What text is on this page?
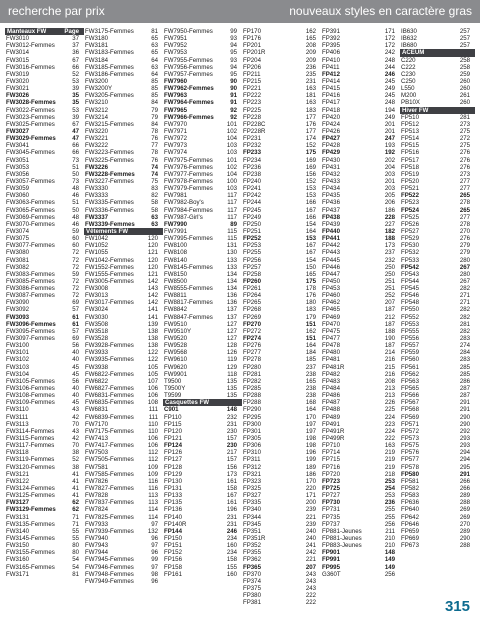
recherche par prix	nouveaux styles en caractère gras
Manteaux FW	Page
FW3010	37
FW3012-Femmes	37
FW3014	36
FW3015	67
FW3016-Femmes	66
FW3019	52
FW3020	53
FW3021	39
FW3026	35
FW3028-Femmes	35
FW3022-Femmes	53
FW3023-Femmes	39
FW3025-Femmes	67
FW3027	47
FW3029-Femmes	47
FW3041	66
FW3045-Femmes	66
FW3051	73
FW3053	51
FW3056	50
FW3057-Femmes	73
FW3059	48
FW3060	46
FW3063-Femmes	51
FW3065-Femmes	50
FW3069-Femmes	48
FW3070-Femmes	46
FW3074	59
FW3075	60
FW3077-Femmes	60
FW3080	72
FW3081	72
FW3082	72
FW3083-Femmes	59
FW3085-Femmes	72
FW3086-Femmes	72
FW3087-Femmes	72
FW3090	69
FW3092	57
FW3093	61
FW3096-Femmes	61
FW3095-Femmes	57
FW3097-Femmes	69
FW3100	56
FW3101	40
FW3102	40
FW3103	45
FW3104	45
FW3105-Femmes	56
FW3106-Femmes	40
FW3108-Femmes	40
FW3109-Femmes	45
FW3110	43
FW3111	42
FW3113	70
FW3114-Femmes	43
FW3115-Femmes	42
FW3117-Femmes	70
FW3118	38
FW3119-Femmes	52
FW3120-Femmes	38
FW3121	41
FW3122	41
FW3124-Femmes	41
FW3125-Femmes	41
FW3127	62
FW3129-Femmes	62
FW3131	71
FW3135-Femmes	71
FW3140	55
FW3145-Femmes	55
FW3150	80
FW3155-Femmes	80
FW3160	54
FW3165-Femmes	54
FW3171	81
FW3175-Femmes	81
FW3180	65
FW3181	63
FW3183-Femmes	65
FW3184	64
FW3185-Femmes	63
FW3186-Femmes	64
FW3200	85
FW3200Y	85
FW3205-Femmes	85
FW3210	84
FW3212	79
FW3214	79
FW3215-Femmes	84
FW3220	78
FW3221	76
FW3222	77
FW3223-Femmes	78
FW3225-Femmes	76
FW3226	74
FW3228-Femmes	74
FW3227-Femmes	75
FW3330	83
FW3333	82
FW3335-Femmes	58
FW3336-Femmes	58
FW3337	63
FW3339-Femmes	63
Vêtements FW
FW1042	120
FW1052	120
FW1055	121
FW1042-Femmes 120
FW1552-Femmes 120
FW1555-Femmes 121
FW3005-Femmes 142
FW3008	143
FW3013	142
FW3017-Femmes 142
FW3024	141
FW3030	141
FW3508	139
FW3518	138
FW3528	138
FW3928-Femmes 138
FW3933	122
FW3935-Femmes 122
FW3938	105
FW6822-Femmes 105
FW6822	107
FW6827-Femmes 106
FW6831-Femmes 106
FW6835-Femmes 108
FW6831	111
FW6839-Femmes 111
FW7170	110
FW7175-Femmes 110
FW7413	106
FW7417-Femmes 106
FW7503	112
FW7505-Femmes 112
FW7581	109
FW7585-Femmes 109
FW7826	116
FW7827-Femmes 116
FW7828	113
FW7837-Femmes 113
FW7824	114
FW7825-Femmes 114
FW7933	97
FW7939-Femmes 132
FW7940	96
FW7943	97
FW7944	96
FW7945-Femmes	99
FW7946-Femmes	97
FW7948-Femmes	98
FW7949-Femmes	96
FW7950-Femmes	99
FW7951	93
FW7952	94
FW7953	95
FW7955-Femmes	93
FW7956-Femmes	94
FW7957-Femmes	95
FW7960	90
FW7962-Femmes	90
FW7963	91
FW7964-Femmes	91
FW7965	92
FW7966-Femmes	92
FW7970	101
FW7971	102
FW7972	104
FW7973	103
FW7974	103
FW7975-Femmes 101
FW7976-Femmes 102
FW7977-Femmes 104
FW7978-Femmes 100
FW7979-Femmes 103
FW7981	117
FW7982-Boy's	117
FW7984-Femmes 117
FW7987-Girl's	117
FW7990	89
FW7991	115
FW7995-Femmes 115
FW8100	131
FW8108	130
FW8140	133
FW8145-Femmes 133
FW8150	134
FW8500	134
FW8555-Femmes 134
FW8811	136
FW8817-Femmes 136
FW8842	137
FW8847-Femmes 137
FW9510	127
FW9510Y	127
FW9520	127
FW9528	128
FW9568	126
FW9610	119
FW9620	129
FW9901	118
T9500	135
T9500Y	135
T9599	135
Casquettes FW
C901	148
FP110	232
FP115	231
FP120	230
FP121	157
FP124	230
FP126	217
FP127	157
FP128	156
FP129	173
FP130	161
FP131	158
FP133	167
FP135	161
FP136	196
FP140	231
FP140R	231
FP144	246
FP150	234
FP151	160
FP152	234
FP156	158
FP158	155
FP161	160
FP170	162
FP176	165
FP201	208
FP201R	209
FP204	209
FP206	236
FP211	235
FP215	231
FP221	163
FP222	181
FP223	163
FP225	183
FP228	177
FP228C	176
FP228R	177
FP231	174
FP232	152
FP233	175
FP234	169
FP236	169
FP238	156
FP240	152
FP241	153
FP242	153
FP244	166
FP245	167
FP249	166
FP250	154
FP251	164
FP252	153
FP253	167
FP255	167
FP256	154
FP257	150
FP258	165
FP260	175
FP261	178
FP264	176
FP265	180
FP268	183
FP269	179
FP270	151
FP272	162
FP274	151
FP276	164
FP277	184
FP278	185
FP280	237
FP281	238
FP282	165
FP285	238
FP288	238
FP288	168
FP290	164
FP295	170
FP300	197
FP301	197
FP305	198
FP306	198
FP310	196
FP311	199
FP312	189
FP321	186
FP323	170
FP325	220
FP327	171
FP335	200
FP340	239
FP344	221
FP345	239
FP351	240
FP351R	240
FP352	241
FP355	242
FP362	221
FP365	207
FP370	243
FP374	243
FP375	243
FP380	222
FP381	222
FP391	171
FP392	172
FP395	172
FP406	242
FP410	248
FP411	244
FP412	246
FP414	245
FP415	249
FP416	245
FP417	248
FP418	194
FP420	249
FP424	201
FP426	201
FP427	247
FP428	193
FP429	192
FP430	202
FP431	204
FP432	203
FP433	201
FP434	203
FP435	205
FP436	206
FP437	186
FP438	228
FP439	227
FP440	182
FP441	188
FP442	173
FP443	237
FP445	232
FP446	250
FP447	250
FP450	251
FP453	251
FP460	252
FP462	207
FP465	187
FP469	212
FP470	187
FP475	188
FP477	190
FP478	187
FP480	214
FP481	216
FP481R	215
FP482	216
FP483	208
FP484	213
FP486	213
FP487	226
FP488	225
FP489	224
FP491	223
FP491R	224
FP499R	222
FP710	163
FP714	219
FP715	219
FP716	219
FP720	218
FP723	253
FP725	254
FP727	253
FP730	236
FP731	255
FP735	255
FP737	256
FP881-Jeunes	211
FP881-Jeunes	210
FP883-Jeunes	210
FP901	148
FP991	149
FP995	149
G360T	256
IB630	257
IB632	257
IB680	257
ACEUM
C220	258
C222	258
C230	259
C250	260
L550	260
M200	261
PB10X	260
Hiver FW
FP510	281
FP512	273
FP513	275
FP514	272
FP515	275
FP516	276
FP517	276
FP518	276
FP519	273
FP520	277
FP521	277
FP522	265
FP523	278
FP524	265
FP525	277
FP526	278
FP527	270
FP529	276
FP530	279
FP532	279
FP533	280
FP542	267
FP543	280
FP544	267
FP545	282
FP546	271
FP548	271
FP550	282
FP552	282
FP553	281
FP555	282
FP556	283
FP557	274
FP559	284
FP560	283
FP561	285
FP562	285
FP563	286
FP565	287
FP566	287
FP567	291
FP568	291
FP569	290
FP571	290
FP572	292
FP573	293
FP575	293
FP576	294
FP577	294
FP578	295
FP580	291
FP581	266
FP582	266
FP583	289
FP636	288
FP640	269
FP642	269
FP646	270
FP659	289
FP669	290
FP673	288
315
